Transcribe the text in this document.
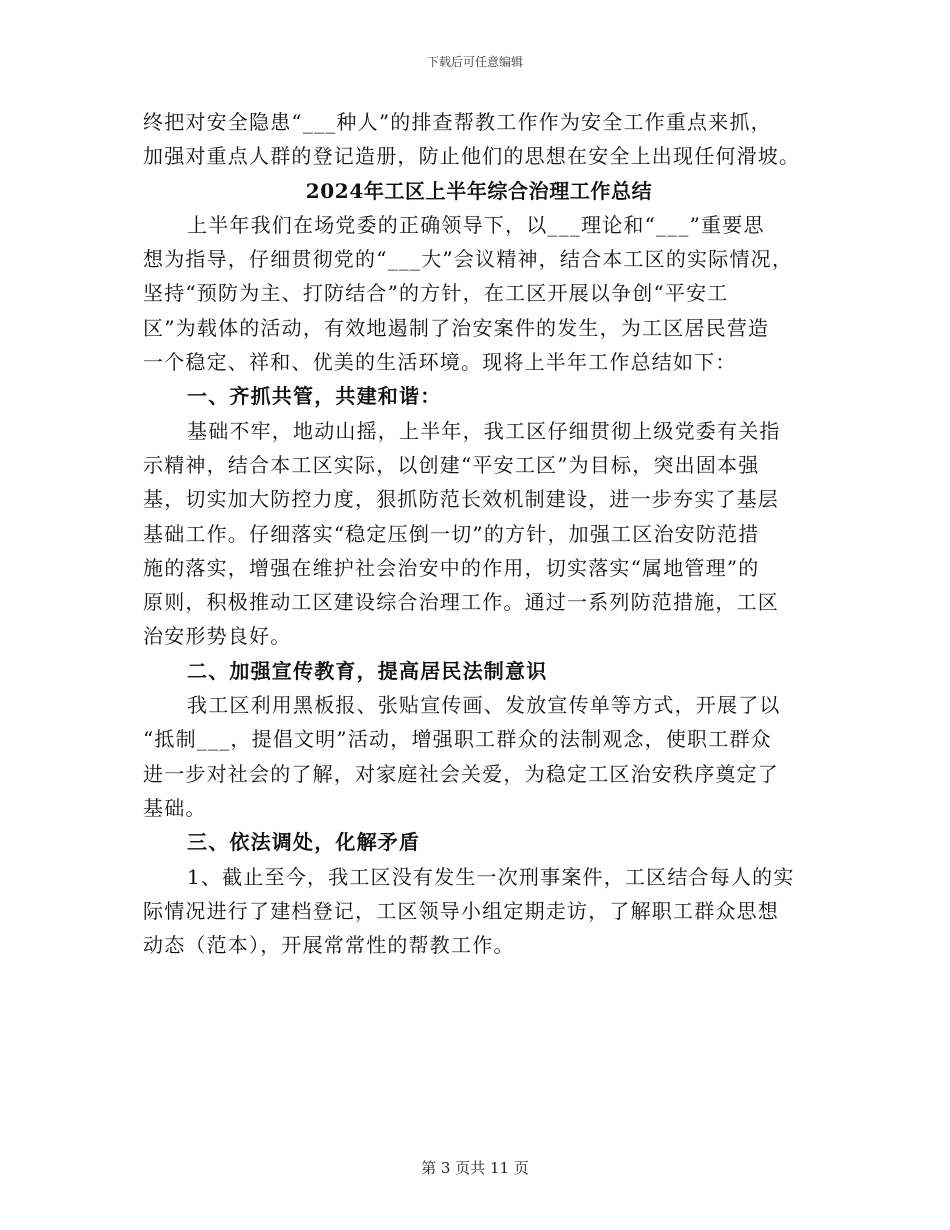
下载后可任意编辑
终把对安全隐患“___种人”的排查帮教工作作为安全工作重点来抓，
加强对重点人群的登记造册，防止他们的思想在安全上出现任何滑坡。
2024年工区上半年综合治理工作总结
上半年我们在场党委的正确领导下，以___理论和“___”重要思
想为指导，仔细贯彻党的“___大”会议精神，结合本工区的实际情况，
坚持“预防为主、打防结合”的方针，在工区开展以争创“平安工
区”为载体的活动，有效地遏制了治安案件的发生，为工区居民营造
一个稳定、祥和、优美的生活环境。现将上半年工作总结如下：
一、齐抓共管，共建和谐：
基础不牢，地动山摇，上半年，我工区仔细贯彻上级党委有关指
示精神，结合本工区实际，以创建“平安工区”为目标，突出固本强
基，切实加大防控力度，狠抓防范长效机制建设，进一步夯实了基层
基础工作。仔细落实“稳定压倒一切”的方针，加强工区治安防范措
施的落实，增强在维护社会治安中的作用，切实落实“属地管理”的
原则，积极推动工区建设综合治理工作。通过一系列防范措施，工区
治安形势良好。
二、加强宣传教育，提高居民法制意识
我工区利用黑板报、张贴宣传画、发放宣传单等方式，开展了以
“抵制___，提倡文明”活动，增强职工群众的法制观念，使职工群众
进一步对社会的了解，对家庭社会关爱，为稳定工区治安秩序奠定了
基础。
三、依法调处，化解矛盾
1、截止至今，我工区没有发生一次刑事案件，工区结合每人的实
际情况进行了建档登记，工区领导小组定期走访，了解职工群众思想
动态（范本），开展常常性的帮教工作。
第 3 页共 11 页
